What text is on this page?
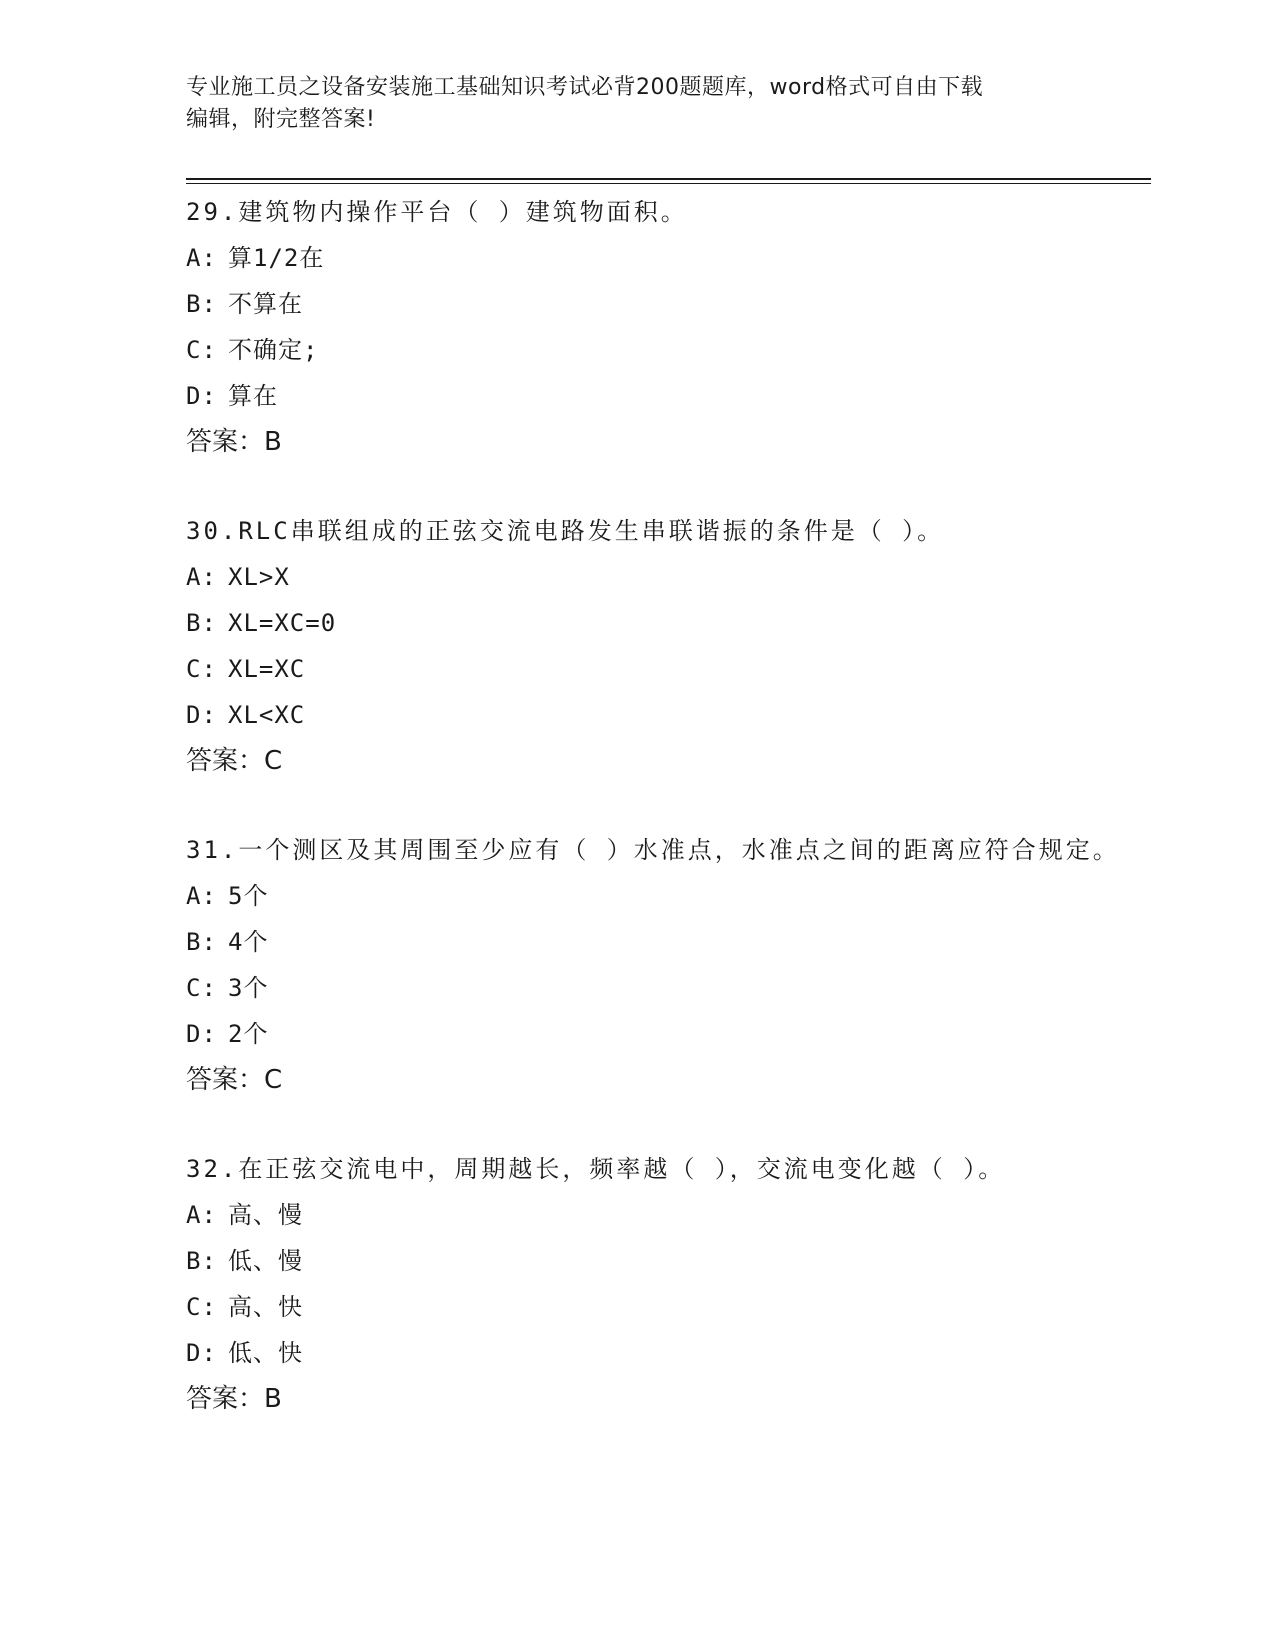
专业施工员之设备安装施工基础知识考试必背200题题库，word格式可自由下载
编辑，附完整答案!

29.建筑物内操作平台（ ）建筑物面积。

A: 算1/2在
B: 不算在
C: 不确定;
D: 算在
答案：B

30.RLC串联组成的正弦交流电路发生串联谐振的条件是（ ）。

A: XL>X
B: XL=XC=0
C: XL=XC
D: XL<XC
答案：C

31.一个测区及其周围至少应有（ ）水准点，水准点之间的距离应符合规定。

A: 5个
B: 4个
C: 3个
D: 2个
答案：C

32.在正弦交流电中，周期越长，频率越（ ），交流电变化越（ ）。

A: 高、慢
B: 低、慢
C: 高、快
D: 低、快
答案：B
